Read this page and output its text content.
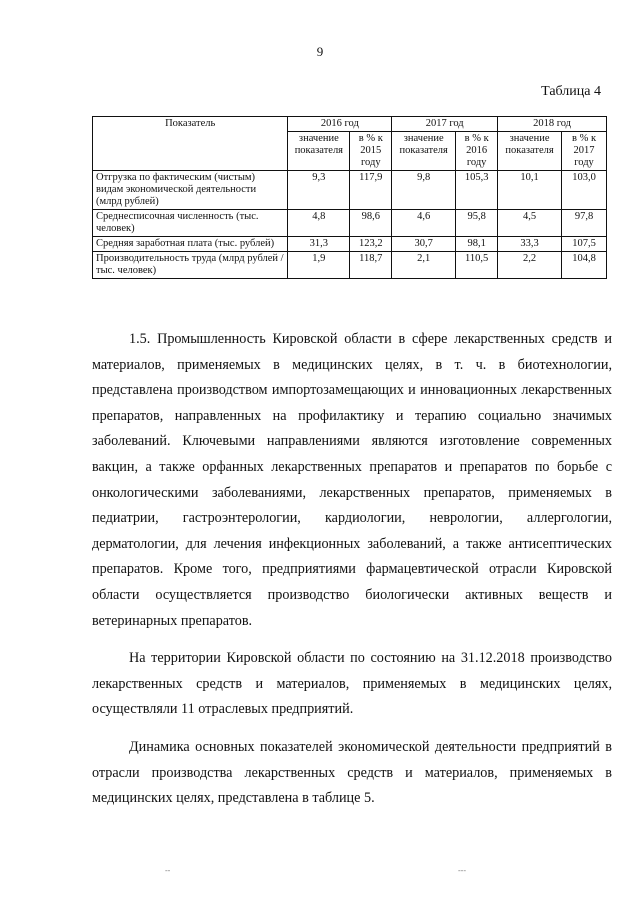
9
Таблица 4
Показатель	2016 год		2017 год		2018 год	
	значение показателя	в % к 2015 году	значение показателя	в % к 2016 году	значение показателя	в % к 2017 году
Отгрузка по фактическим (чистым) видам экономической деятельности (млрд рублей)	9,3	117,9	9,8	105,3	10,1	103,0
Среднесписочная численность (тыс. человек)	4,8	98,6	4,6	95,8	4,5	97,8
Средняя заработная плата (тыс. рублей)	31,3	123,2	30,7	98,1	33,3	107,5
Производительность труда (млрд рублей / тыс. человек)	1,9	118,7	2,1	110,5	2,2	104,8

1.5. Промышленность Кировской области в сфере лекарственных средств и материалов, применяемых в медицинских целях, в т. ч. в биотехнологии, представлена производством импортозамещающих и инновационных лекарственных препаратов, направленных на профилактику и терапию социально значимых заболеваний. Ключевыми направлениями являются изготовление современных вакцин, а также орфанных лекарственных препаратов и препаратов по борьбе с онкологическими заболеваниями, лекарственных препаратов, применяемых в педиатрии, гастроэнтерологии, кардиологии, неврологии, аллергологии, дерматологии, для лечения инфекционных заболеваний, а также антисептических препаратов. Кроме того, предприятиями фармацевтической отрасли Кировской области осуществляется производство биологически активных веществ и ветеринарных препаратов.

На территории Кировской области по состоянию на 31.12.2018 производство лекарственных средств и материалов, применяемых в медицинских целях, осуществляли 11 отраслевых предприятий.

Динамика основных показателей экономической деятельности предприятий в отрасли производства лекарственных средств и материалов, применяемых в медицинских целях, представлена в таблице 5.

--	---
